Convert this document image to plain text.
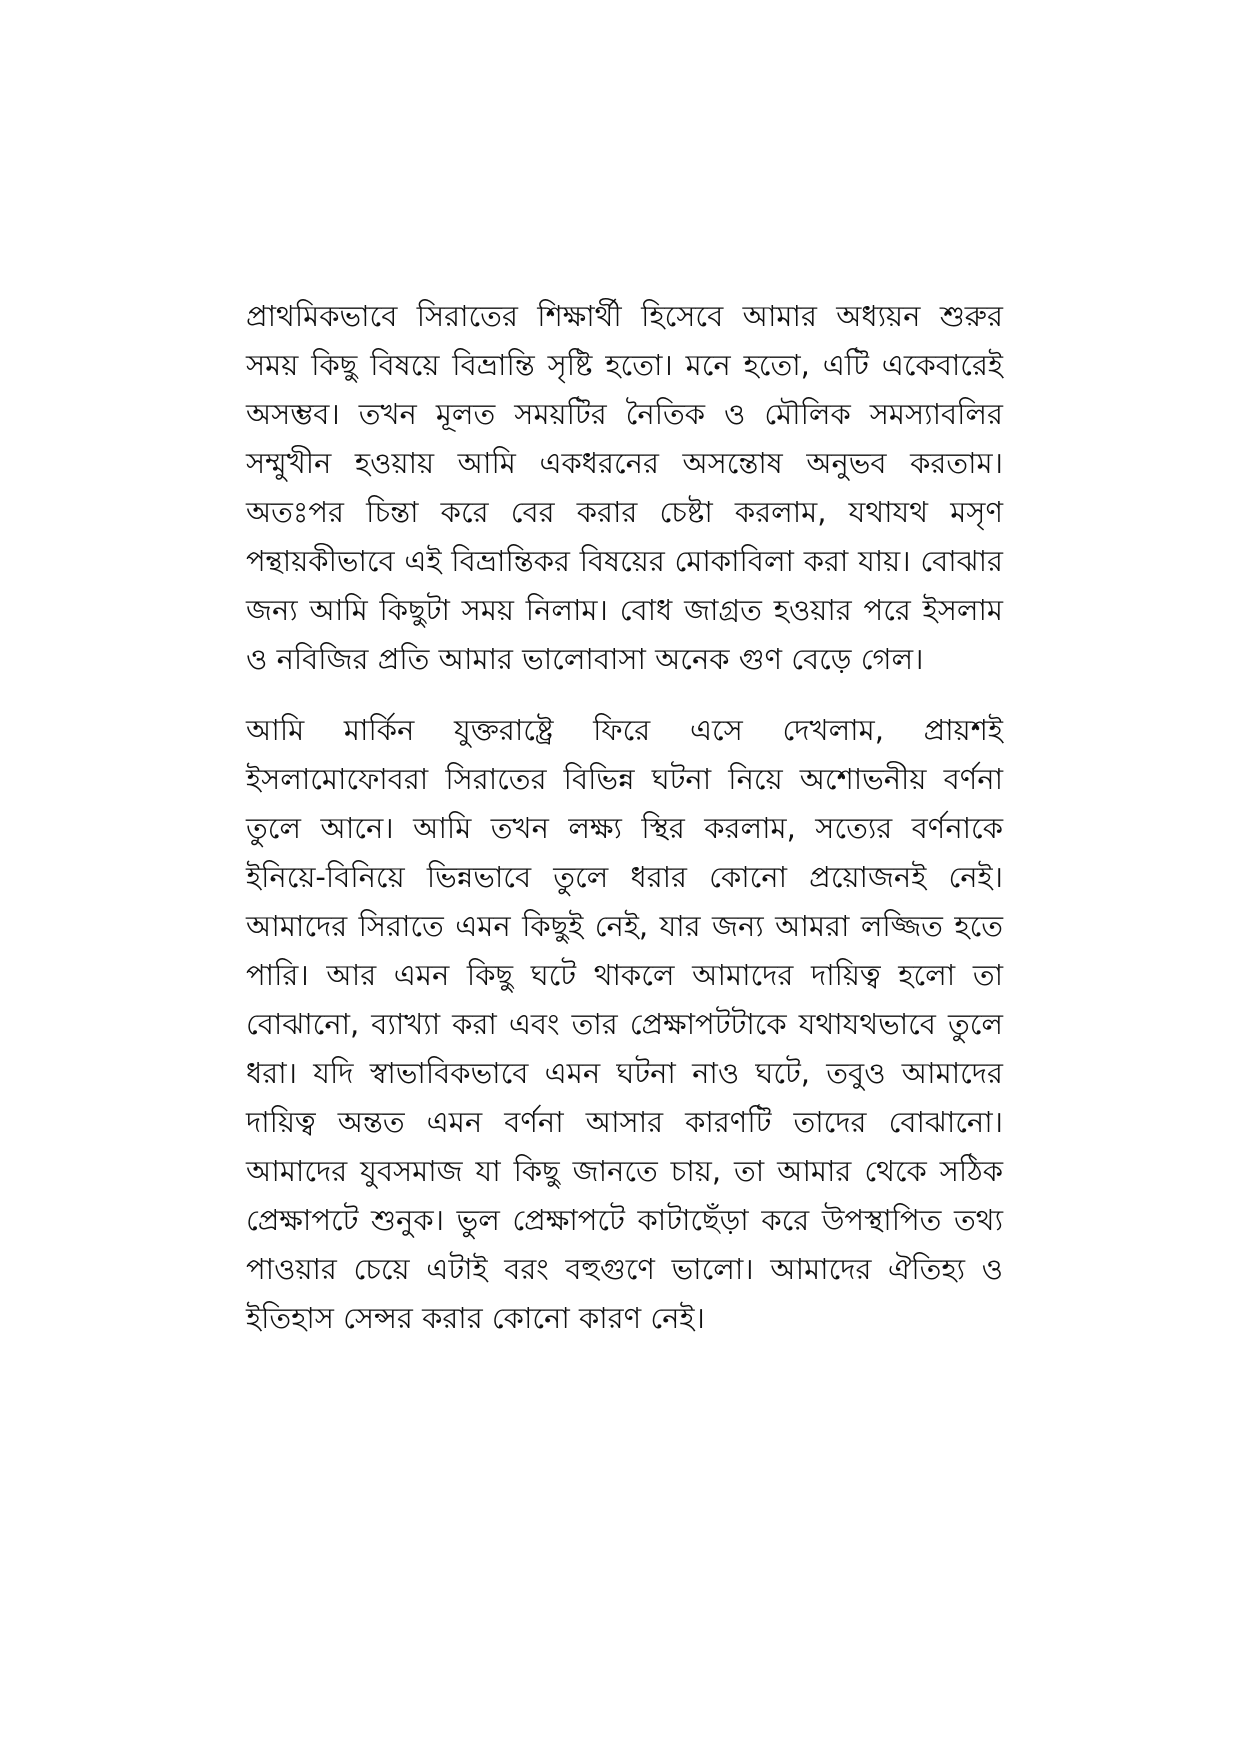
প্রাথমিকভাবে সিরাতের শিক্ষার্থী হিসেবে আমার অধ্যয়ন শুরুর সময় কিছু বিষয়ে বিভ্রান্তি সৃষ্টি হতো। মনে হতো, এটি একেবারেই অসম্ভব। তখন মূলত সময়টির নৈতিক ও মৌলিক সমস্যাবলির সম্মুখীন হওয়ায় আমি একধরনের অসন্তোষ অনুভব করতাম। অতঃপর চিন্তা করে বের করার চেষ্টা করলাম, যথাযথ মসৃণ পন্থায়কীভাবে এই বিভ্রান্তিকর বিষয়ের মোকাবিলা করা যায়। বোঝার জন্য আমি কিছুটা সময় নিলাম। বোধ জাগ্রত হওয়ার পরে ইসলাম ও নবিজির প্রতি আমার ভালোবাসা অনেক গুণ বেড়ে গেল।

আমি মার্কিন যুক্তরাষ্ট্রে ফিরে এসে দেখলাম, প্রায়শই ইসলামোফোবরা সিরাতের বিভিন্ন ঘটনা নিয়ে অশোভনীয় বর্ণনা তুলে আনে। আমি তখন লক্ষ্য স্থির করলাম, সত্যের বর্ণনাকে ইনিয়ে-বিনিয়ে ভিন্নভাবে তুলে ধরার কোনো প্রয়োজনই নেই। আমাদের সিরাতে এমন কিছুই নেই, যার জন্য আমরা লজ্জিত হতে পারি। আর এমন কিছু ঘটে থাকলে আমাদের দায়িত্ব হলো তা বোঝানো, ব্যাখ্যা করা এবং তার প্রেক্ষাপটটাকে যথাযথভাবে তুলে ধরা। যদি স্বাভাবিকভাবে এমন ঘটনা নাও ঘটে, তবুও আমাদের দায়িত্ব অন্তত এমন বর্ণনা আসার কারণটি তাদের বোঝানো। আমাদের যুবসমাজ যা কিছু জানতে চায়, তা আমার থেকে সঠিক প্রেক্ষাপটে শুনুক। ভুল প্রেক্ষাপটে কাটাছেঁড়া করে উপস্থাপিত তথ্য পাওয়ার চেয়ে এটাই বরং বহুগুণে ভালো। আমাদের ঐতিহ্য ও ইতিহাস সেন্সর করার কোনো কারণ নেই।
